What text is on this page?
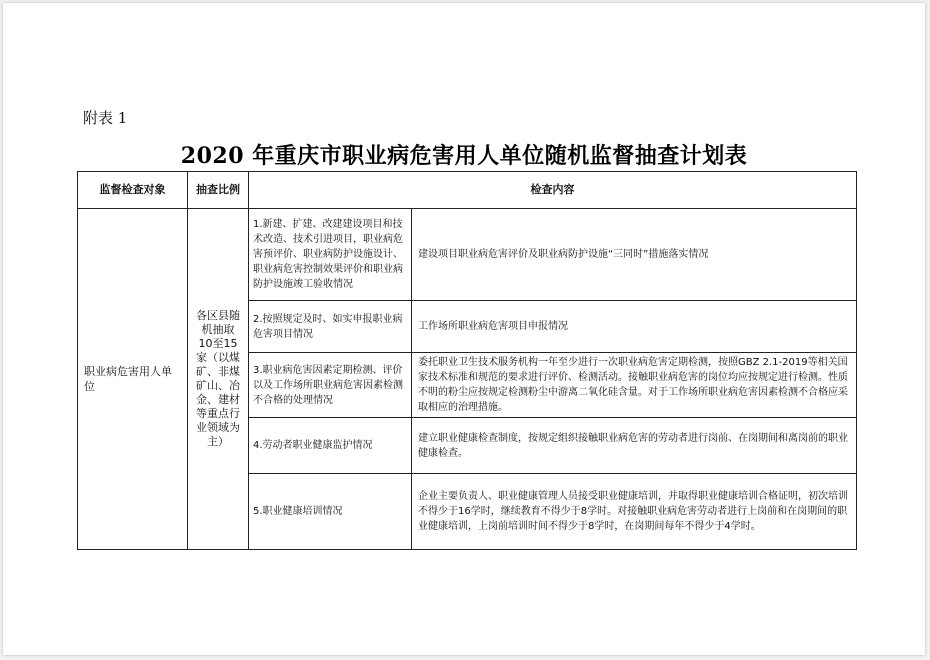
附表 1
2020 年重庆市职业病危害用人单位随机监督抽查计划表
监督检查对象	抽查比例	检查内容	
职业病危害用人单位	各区县随机抽取10至15家（以煤矿、非煤矿山、冶金、建材等重点行业领域为主）	1.新建、扩建、改建建设项目和技术改造、技术引进项目，职业病危害预评价、职业病防护设施设计、职业病危害控制效果评价和职业病防护设施竣工验收情况	建设项目职业病危害评价及职业病防护设施“三同时”措施落实情况
		2.按照规定及时、如实申报职业病危害项目情况	工作场所职业病危害项目申报情况
		3.职业病危害因素定期检测、评价以及工作场所职业病危害因素检测不合格的处理情况	委托职业卫生技术服务机构一年至少进行一次职业病危害定期检测，按照GBZ 2.1-2019等相关国家技术标准和规范的要求进行评价、检测活动。接触职业病危害的岗位均应按规定进行检测。性质不明的粉尘应按规定检测粉尘中游离二氧化硅含量。对于工作场所职业病危害因素检测不合格应采取相应的治理措施。
		4.劳动者职业健康监护情况	建立职业健康检查制度，按规定组织接触职业病危害的劳动者进行岗前、在岗期间和离岗前的职业健康检查。
		5.职业健康培训情况	企业主要负责人、职业健康管理人员接受职业健康培训，并取得职业健康培训合格证明，初次培训不得少于16学时，继续教育不得少于8学时。对接触职业病危害劳动者进行上岗前和在岗期间的职业健康培训，上岗前培训时间不得少于8学时，在岗期间每年不得少于4学时。
